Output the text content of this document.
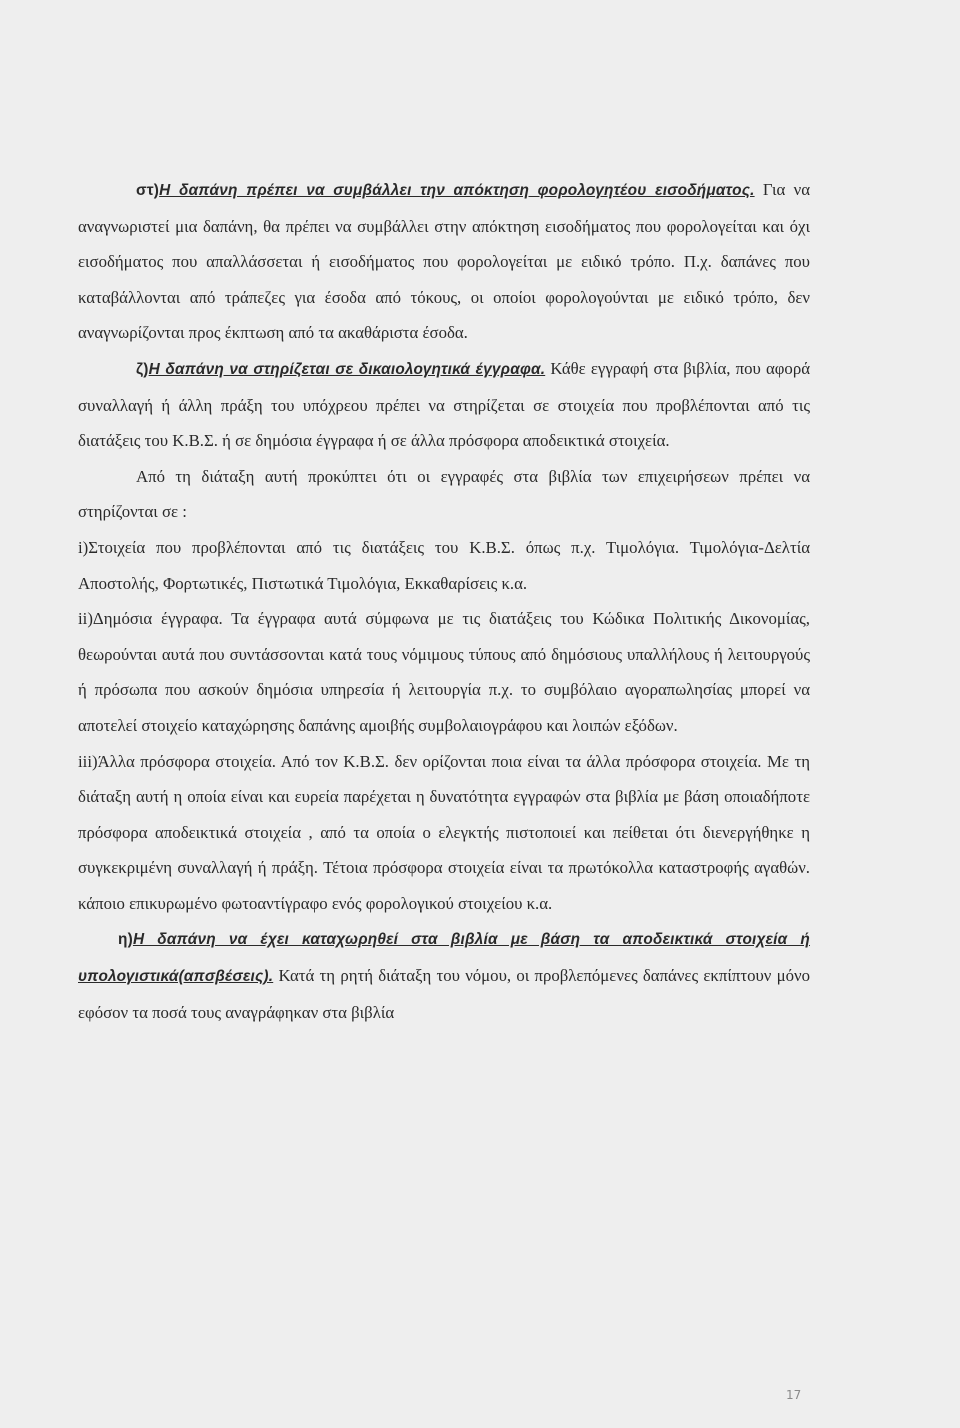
στ)Η δαπάνη πρέπει να συμβάλλει την απόκτηση φορολογητέου εισοδήματος. Για να αναγνωριστεί μια δαπάνη, θα πρέπει να συμβάλλει στην απόκτηση εισοδήματος που φορολογείται και όχι εισοδήματος που απαλλάσσεται ή εισοδήματος που φορολογείται με ειδικό τρόπο. Π.χ. δαπάνες που καταβάλλονται από τράπεζες για έσοδα από τόκους, οι οποίοι φορολογούνται με ειδικό τρόπο, δεν αναγνωρίζονται προς έκπτωση από τα ακαθάριστα έσοδα.

ζ)Η δαπάνη να στηρίζεται σε δικαιολογητικά έγγραφα. Κάθε εγγραφή στα βιβλία, που αφορά συναλλαγή ή άλλη πράξη του υπόχρεου πρέπει να στηρίζεται σε στοιχεία που προβλέπονται από τις διατάξεις του Κ.Β.Σ. ή σε δημόσια έγγραφα ή σε άλλα πρόσφορα αποδεικτικά στοιχεία.

Από τη διάταξη αυτή προκύπτει ότι οι εγγραφές στα βιβλία των επιχειρήσεων πρέπει να στηρίζονται σε :

i)Στοιχεία που προβλέπονται από τις διατάξεις του Κ.Β.Σ. όπως π.χ. Τιμολόγια. Τιμολόγια-Δελτία Αποστολής, Φορτωτικές, Πιστωτικά Τιμολόγια, Εκκαθαρίσεις κ.α.

ii)Δημόσια έγγραφα. Τα έγγραφα αυτά σύμφωνα με τις διατάξεις του Κώδικα Πολιτικής Δικονομίας, θεωρούνται αυτά που συντάσσονται κατά τους νόμιμους τύπους από δημόσιους υπαλλήλους ή λειτουργούς ή πρόσωπα που ασκούν δημόσια υπηρεσία ή λειτουργία π.χ. το συμβόλαιο αγοραπωλησίας μπορεί να αποτελεί στοιχείο καταχώρησης δαπάνης αμοιβής συμβολαιογράφου και λοιπών εξόδων.

iii)Άλλα πρόσφορα στοιχεία. Από τον Κ.Β.Σ. δεν ορίζονται ποια είναι τα άλλα πρόσφορα στοιχεία. Με τη διάταξη αυτή η οποία είναι και ευρεία παρέχεται η δυνατότητα εγγραφών στα βιβλία με βάση οποιαδήποτε πρόσφορα αποδεικτικά στοιχεία , από τα οποία ο ελεγκτής πιστοποιεί και πείθεται ότι διενεργήθηκε η συγκεκριμένη συναλλαγή ή πράξη. Τέτοια πρόσφορα στοιχεία είναι τα πρωτόκολλα καταστροφής αγαθών. κάποιο επικυρωμένο φωτοαντίγραφο ενός φορολογικού στοιχείου κ.α.

η)Η δαπάνη να έχει καταχωρηθεί στα βιβλία με βάση τα αποδεικτικά στοιχεία ή υπολογιστικά(απσβέσεις). Κατά τη ρητή διάταξη του νόμου, οι προβλεπόμενες δαπάνες εκπίπτουν μόνο εφόσον τα ποσά τους αναγράφηκαν στα βιβλία

17
